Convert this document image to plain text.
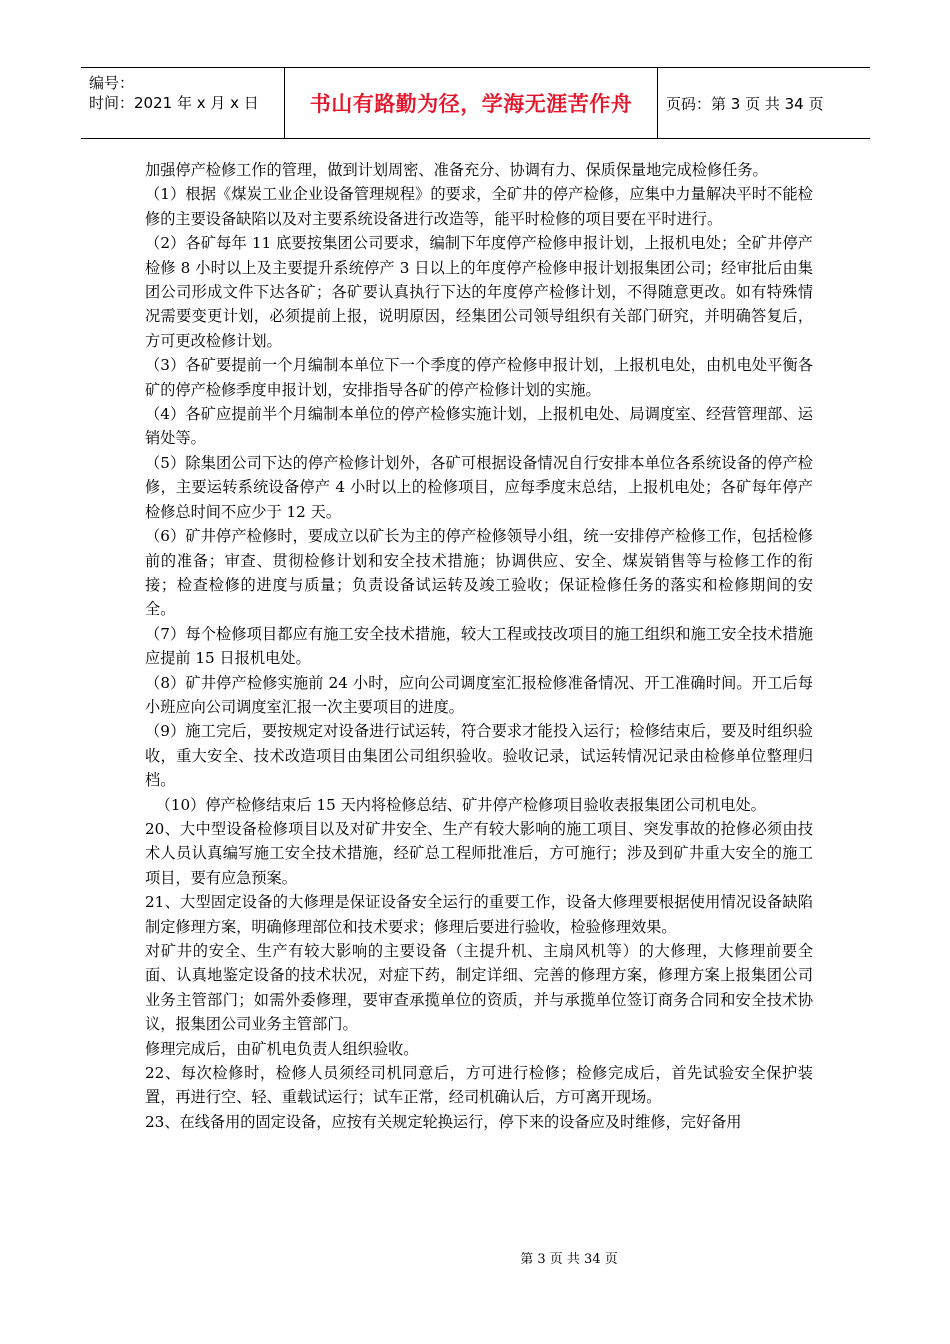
编号：
时间：2021 年 x 月 x 日 书山有路勤为径，学海无涯苦作舟 页码：第 3 页 共 34 页

加强停产检修工作的管理，做到计划周密、准备充分、协调有力、保质保量地完成检修任务。

（1）根据《煤炭工业企业设备管理规程》的要求，全矿井的停产检修，应集中力量解决平时不能检修的主要设备缺陷以及对主要系统设备进行改造等，能平时检修的项目要在平时进行。

（2）各矿每年 11 底要按集团公司要求，编制下年度停产检修申报计划，上报机电处；全矿井停产检修 8 小时以上及主要提升系统停产 3 日以上的年度停产检修申报计划报集团公司；经审批后由集团公司形成文件下达各矿；各矿要认真执行下达的年度停产检修计划，不得随意更改。如有特殊情况需要变更计划，必须提前上报，说明原因，经集团公司领导组织有关部门研究，并明确答复后，方可更改检修计划。

（3）各矿要提前一个月编制本单位下一个季度的停产检修申报计划，上报机电处，由机电处平衡各矿的停产检修季度申报计划，安排指导各矿的停产检修计划的实施。

（4）各矿应提前半个月编制本单位的停产检修实施计划，上报机电处、局调度室、经营管理部、运销处等。

（5）除集团公司下达的停产检修计划外，各矿可根据设备情况自行安排本单位各系统设备的停产检修，主要运转系统设备停产 4 小时以上的检修项目，应每季度末总结，上报机电处；各矿每年停产检修总时间不应少于 12 天。

（6）矿井停产检修时，要成立以矿长为主的停产检修领导小组，统一安排停产检修工作，包括检修前的准备；审查、贯彻检修计划和安全技术措施；协调供应、安全、煤炭销售等与检修工作的衔接；检查检修的进度与质量；负责设备试运转及竣工验收；保证检修任务的落实和检修期间的安全。

（7）每个检修项目都应有施工安全技术措施，较大工程或技改项目的施工组织和施工安全技术措施应提前 15 日报机电处。

（8）矿井停产检修实施前 24 小时，应向公司调度室汇报检修准备情况、开工准确时间。开工后每小班应向公司调度室汇报一次主要项目的进度。

（9）施工完后，要按规定对设备进行试运转，符合要求才能投入运行；检修结束后，要及时组织验收，重大安全、技术改造项目由集团公司组织验收。验收记录，试运转情况记录由检修单位整理归档。

（10）停产检修结束后 15 天内将检修总结、矿井停产检修项目验收表报集团公司机电处。

20、大中型设备检修项目以及对矿井安全、生产有较大影响的施工项目、突发事故的抢修必须由技术人员认真编写施工安全技术措施，经矿总工程师批准后，方可施行；涉及到矿井重大安全的施工项目，要有应急预案。

21、大型固定设备的大修理是保证设备安全运行的重要工作，设备大修理要根据使用情况设备缺陷制定修理方案，明确修理部位和技术要求；修理后要进行验收，检验修理效果。

对矿井的安全、生产有较大影响的主要设备（主提升机、主扇风机等）的大修理，大修理前要全面、认真地鉴定设备的技术状况，对症下药，制定详细、完善的修理方案，修理方案上报集团公司业务主管部门；如需外委修理，要审查承揽单位的资质，并与承揽单位签订商务合同和安全技术协议，报集团公司业务主管部门。

修理完成后，由矿机电负责人组织验收。

22、每次检修时，检修人员须经司机同意后，方可进行检修；检修完成后，首先试验安全保护装置，再进行空、轻、重载试运行；试车正常，经司机确认后，方可离开现场。

23、在线备用的固定设备，应按有关规定轮换运行，停下来的设备应及时维修，完好备用

第 3 页 共 34 页
